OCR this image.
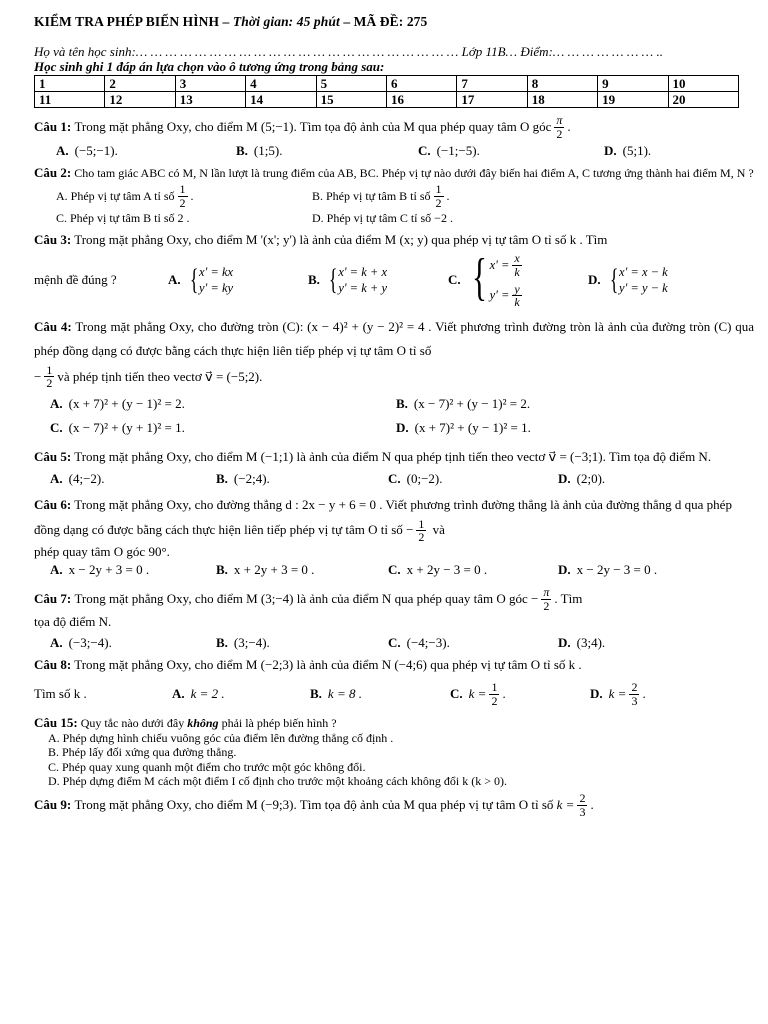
KIỂM TRA PHÉP BIẾN HÌNH – Thời gian: 45 phút – MÃ ĐỀ: 275
Họ và tên học sinh:… … … … … … … … … … … … … … … … … … … … … … Lớp 11B… Điểm:… … … … … … … ..
Học sinh ghi 1 đáp án lựa chọn vào ô tương ứng trong bảng sau:
1	2	3	4	5	6	7	8	9	10
11	12	13	14	15	16	17	18	19	20
Câu 1:
Trong mặt phẳng Oxy, cho điểm M (5;−1). Tìm tọa độ ảnh của M qua phép quay tâm O góc $\frac{\pi}{2}$ .
A. (−5;−1).	B. (1;5).	C. (−1;−5).	D. (5;1).
Câu 2: Cho tam giác ABC có M, N lần lượt là trung điểm của AB, BC. Phép vị tự nào dưới đây biến hai điểm A, C tương ứng thành hai điểm M, N ?
A. Phép vị tự tâm A tỉ số $\frac{1}{2}$ .	B. Phép vị tự tâm B tỉ số $\frac{1}{2}$ .
C. Phép vị tự tâm B tỉ số 2 .	D. Phép vị tự tâm C tỉ số −2 .
Câu 3: Trong mặt phẳng Oxy, cho điểm M '(x'; y') là ảnh của điểm M (x; y) qua phép vị tự tâm O tỉ số k . Tìm
mệnh đề đúng ?	A. { x' = kx
y' = ky
B. { x' = k + x
y' = k + y
C. { $x' = \frac{x}{k}$
$y' = \frac{y}{k}$
D. { x' = x − k
y' = y − k
Câu 4: Trong mặt phẳng Oxy, cho đường tròn (C): (x − 4)² + (y − 2)² = 4 . Viết phương trình đường tròn là ảnh của đường tròn (C) qua phép đồng dạng có được bằng cách thực hiện liên tiếp phép vị tự tâm O tỉ số
− $\frac{1}{2}$ và phép tịnh tiến theo vectơ v⃗ = (−5;2).
A. (x + 7)² + (y − 1)² = 2.	B. (x − 7)² + (y − 1)² = 2.
C. (x − 7)² + (y + 1)² = 1.	D. (x + 7)² + (y − 1)² = 1.
Câu 5: Trong mặt phẳng Oxy, cho điểm M (−1;1) là ảnh của điểm N qua phép tịnh tiến theo vectơ v⃗ = (−3;1). Tìm tọa độ điểm N.
A. (4;−2).	B. (−2;4).	C. (0;−2).	D. (2;0).
Câu 6: Trong mặt phẳng Oxy, cho đường thẳng d : 2x − y + 6 = 0 . Viết phương trình đường thẳng là ảnh của đường thẳng d qua phép đồng dạng có được bằng cách thực hiện liên tiếp phép vị tự tâm O tỉ số − $\frac{1}{2}$ và
phép quay tâm O góc 90°.
A. x − 2y + 3 = 0 .	B. x + 2y + 3 = 0 .	C. x + 2y − 3 = 0 .	D. x − 2y − 3 = 0 .
Câu 7:
Trong mặt phẳng Oxy, cho điểm M (3;−4) là ảnh của điểm N qua phép quay tâm O góc
− $\frac{\pi}{2}$ . Tìm
tọa độ điểm N.
A. (−3;−4).	B. (3;−4).	C. (−4;−3).	D. (3;4).
Câu 8: Trong mặt phẳng Oxy, cho điểm M (−2;3) là ảnh của điểm N (−4;6) qua phép vị tự tâm O tỉ số k .
Tìm số k .	A. k = 2 .	B. k = 8 .	C. $k = \frac{1}{2}$ .	D. $k = \frac{2}{3}$ .
Câu 15: Quy tắc nào dưới đây không phải là phép biến hình ?
A. Phép dựng hình chiếu vuông góc của điểm lên đường thẳng cố định .
B. Phép lấy đối xứng qua đường thẳng.
C. Phép quay xung quanh một điểm cho trước một góc không đổi.
D. Phép dựng điểm M cách một điểm I cố định cho trước một khoảng cách không đổi k (k > 0).
Câu 9:
Trong mặt phẳng Oxy, cho điểm M (−9;3). Tìm tọa độ ảnh của M qua phép vị tự tâm O tỉ số
$k = \frac{2}{3}$ .
